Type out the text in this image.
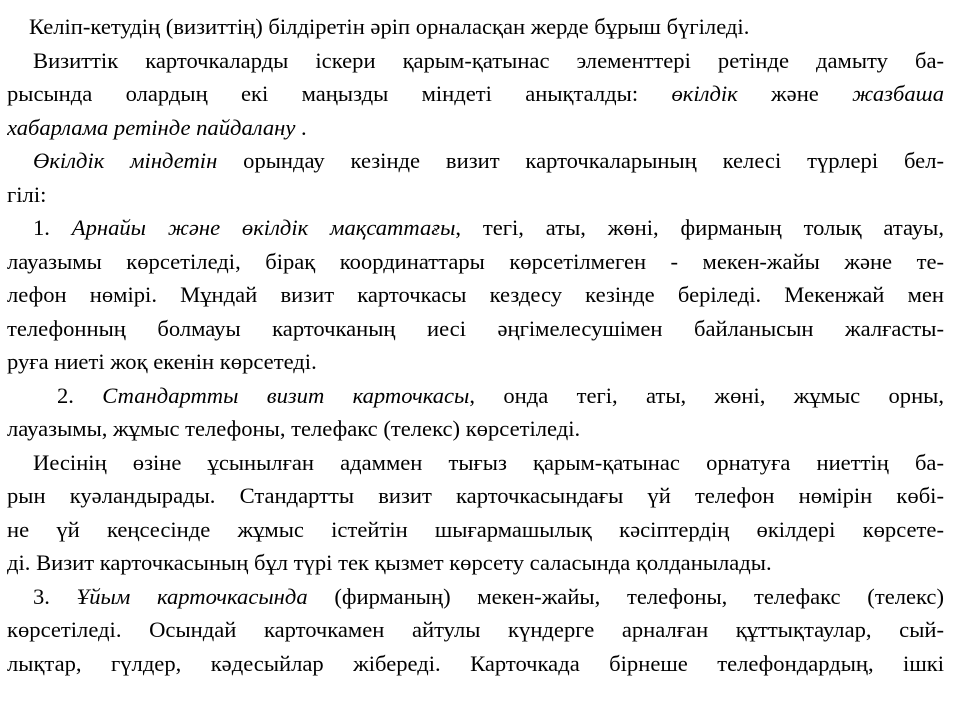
Келіп-кетудің (визиттің) білдіретін әріп орналасқан жерде бұрыш бүгіледі.
Визиттік карточкаларды іскери қарым-қатынас элементтері ретінде дамыту ба-
рысында олардың екі маңызды міндеті анықталды: өкілдік және жазбаша
хабарлама ретінде пайдалану .
Өкілдік міндетін орындау кезінде визит карточкаларының келесі түрлері бел-
гілі:
1. Арнайы және өкілдік мақсаттағы, тегі, аты, жөні, фирманың толық атауы,
лауазымы көрсетіледі, бірақ координаттары көрсетілмеген - мекен-жайы және те-
лефон нөмірі. Мұндай визит карточкасы кездесу кезінде беріледі. Мекенжай мен
телефонның болмауы карточканың иесі әңгімелесушімен байланысын жалғасты-
руға ниеті жоқ екенін көрсетеді.
2. Стандартты визит карточкасы, онда тегі, аты, жөні, жұмыс орны,
лауазымы, жұмыс телефоны, телефакс (телекс) көрсетіледі.
Иесінің өзіне ұсынылған адаммен тығыз қарым-қатынас орнатуға ниеттің ба-
рын куәландырады. Стандартты визит карточкасындағы үй телефон нөмірін көбі-
не үй кеңсесінде жұмыс істейтін шығармашылық кәсіптердің өкілдері көрсете-
ді. Визит карточкасының бұл түрі тек қызмет көрсету саласында қолданылады.
3. Ұйым карточкасында (фирманың) мекен-жайы, телефоны, телефакс (телекс)
көрсетіледі. Осындай карточкамен айтулы күндерге арналған құттықтаулар, сый-
лықтар, гүлдер, кәдесыйлар жібереді. Карточкада бірнеше телефондардың, ішкі
